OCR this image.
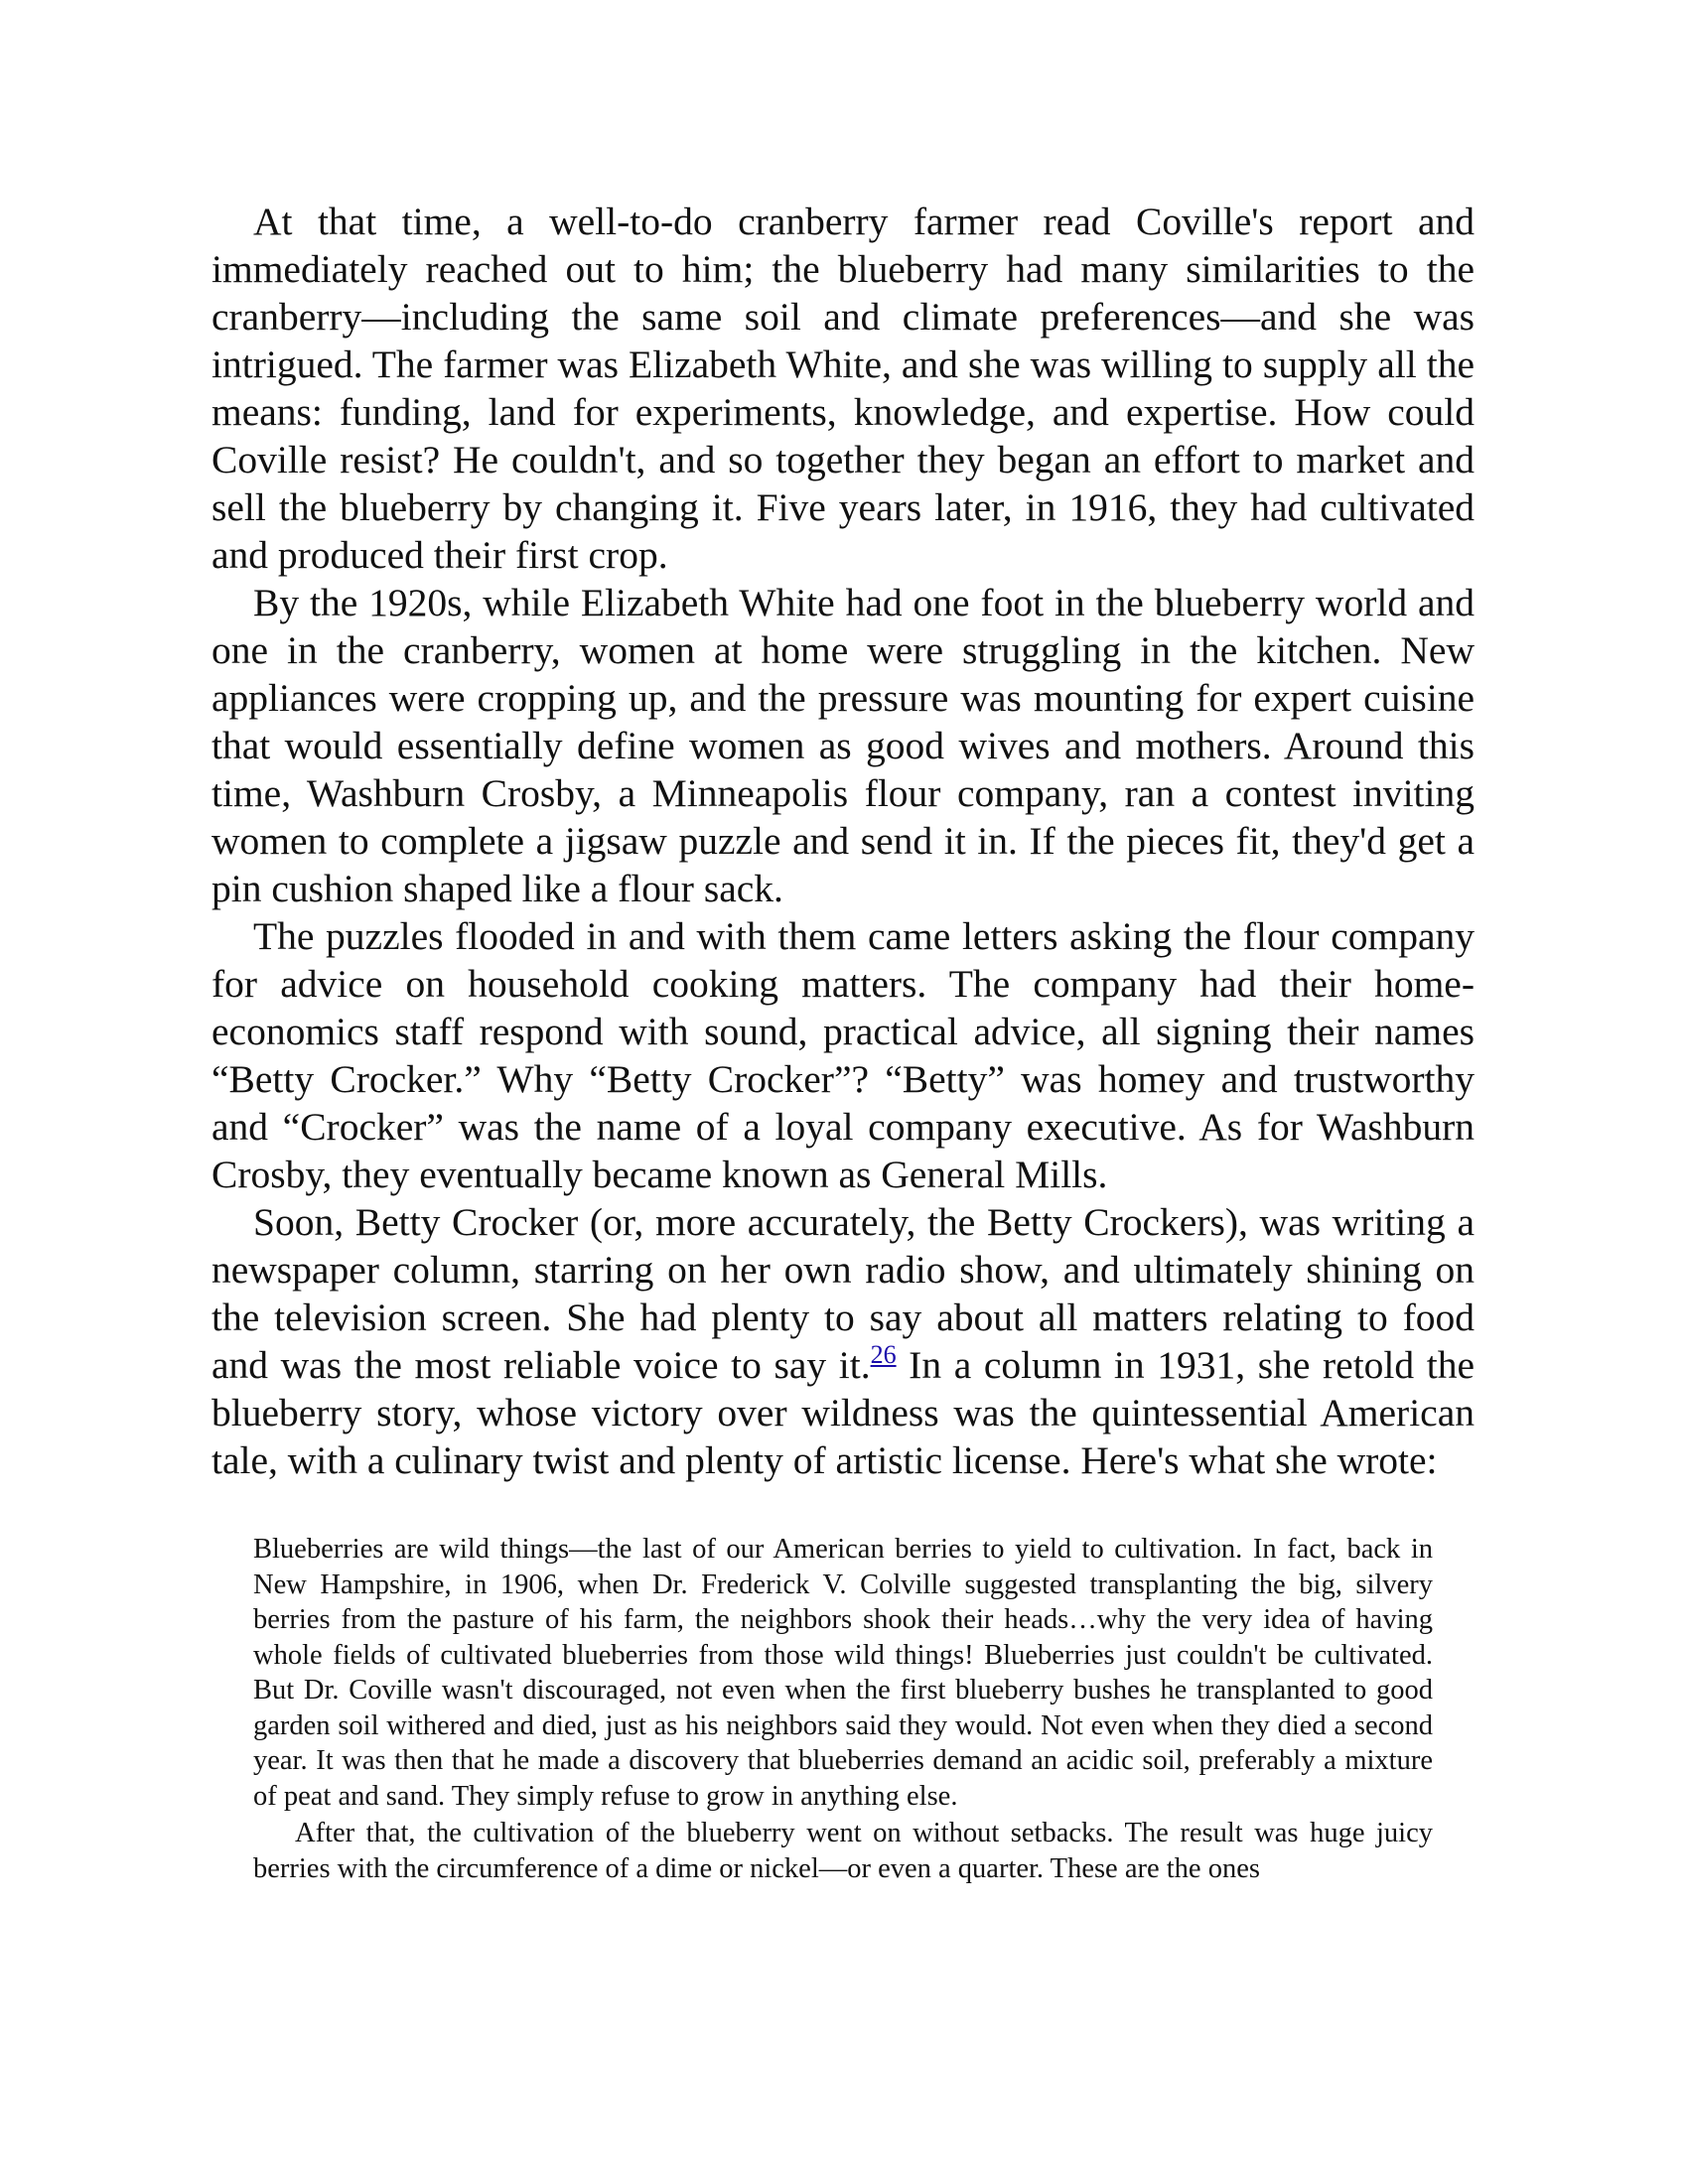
At that time, a well-to-do cranberry farmer read Coville's report and immediately reached out to him; the blueberry had many similarities to the cranberry—including the same soil and climate preferences—and she was intrigued. The farmer was Elizabeth White, and she was willing to supply all the means: funding, land for experiments, knowledge, and expertise. How could Coville resist? He couldn't, and so together they began an effort to market and sell the blueberry by changing it. Five years later, in 1916, they had cultivated and produced their first crop.

By the 1920s, while Elizabeth White had one foot in the blueberry world and one in the cranberry, women at home were struggling in the kitchen. New appliances were cropping up, and the pressure was mounting for expert cuisine that would essentially define women as good wives and mothers. Around this time, Washburn Crosby, a Minneapolis flour company, ran a contest inviting women to complete a jigsaw puzzle and send it in. If the pieces fit, they'd get a pin cushion shaped like a flour sack.

The puzzles flooded in and with them came letters asking the flour company for advice on household cooking matters. The company had their home-economics staff respond with sound, practical advice, all signing their names “Betty Crocker.” Why “Betty Crocker”? “Betty” was homey and trustworthy and “Crocker” was the name of a loyal company executive. As for Washburn Crosby, they eventually became known as General Mills.

Soon, Betty Crocker (or, more accurately, the Betty Crockers), was writing a newspaper column, starring on her own radio show, and ultimately shining on the television screen. She had plenty to say about all matters relating to food and was the most reliable voice to say it.$^{26}$ In a column in 1931, she retold the blueberry story, whose victory over wildness was the quintessential American tale, with a culinary twist and plenty of artistic license. Here's what she wrote:

Blueberries are wild things—the last of our American berries to yield to cultivation. In fact, back in New Hampshire, in 1906, when Dr. Frederick V. Colville suggested transplanting the big, silvery berries from the pasture of his farm, the neighbors shook their heads…why the very idea of having whole fields of cultivated blueberries from those wild things! Blueberries just couldn't be cultivated. But Dr. Coville wasn't discouraged, not even when the first blueberry bushes he transplanted to good garden soil withered and died, just as his neighbors said they would. Not even when they died a second year. It was then that he made a discovery that blueberries demand an acidic soil, preferably a mixture of peat and sand. They simply refuse to grow in anything else.

After that, the cultivation of the blueberry went on without setbacks. The result was huge juicy berries with the circumference of a dime or nickel—or even a quarter. These are the ones
